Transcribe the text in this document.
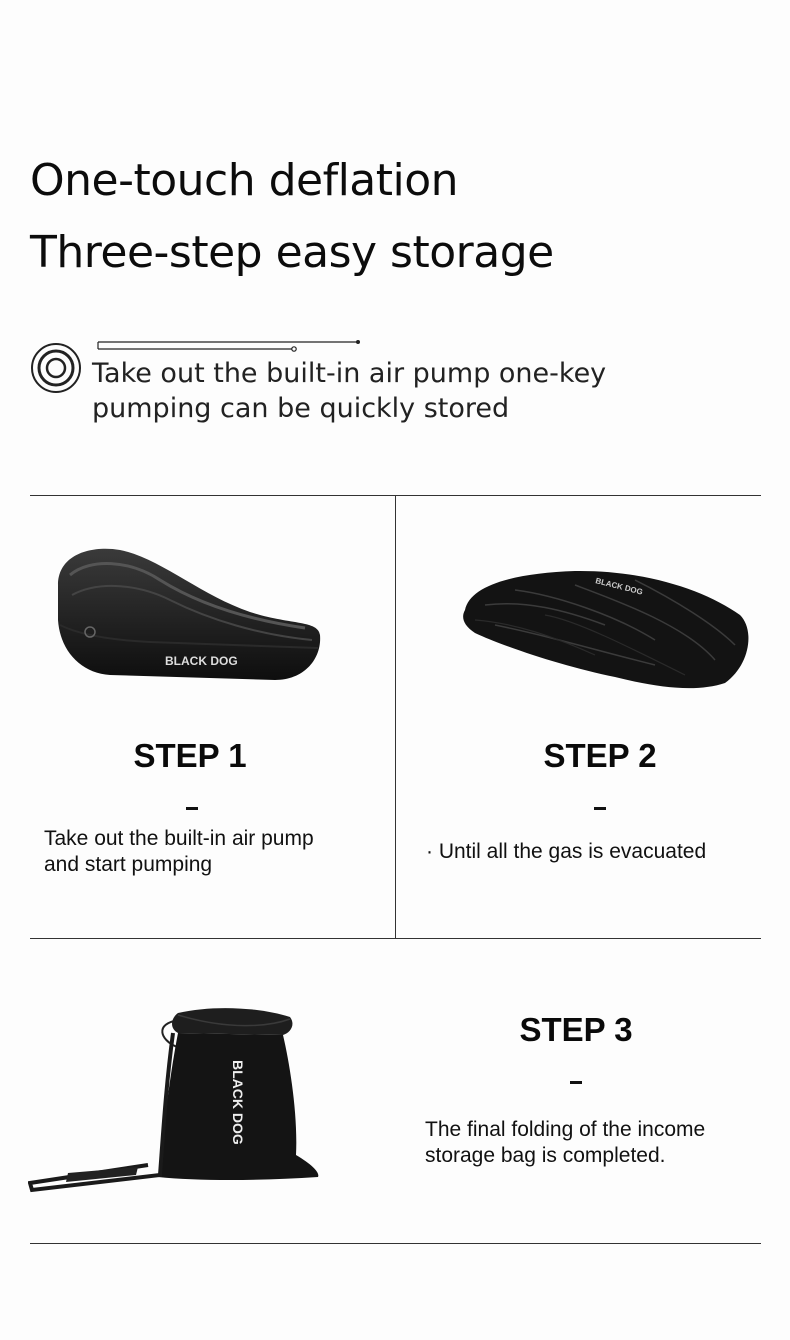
One-touch deflation
Three-step easy storage

Take out the built-in air pump one-key pumping can be quickly stored

BLACK DOG
STEP 1

Take out the built-in air pump and start pumping

BLACK DOG
STEP 2

· Until all the gas is evacuated

BLACK DOG
STEP 3

The final folding of the income storage bag is completed.
